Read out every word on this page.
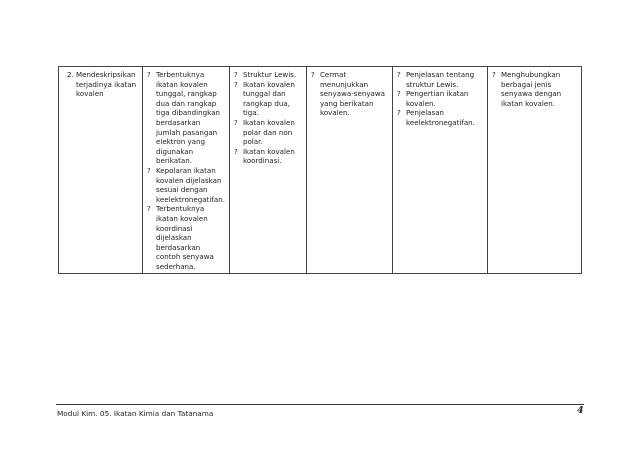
2. Mendeskripsikan terjadinya ikatan kovalen

? Terbentuknya ikatan kovalen tunggal, rangkap dua dan rangkap tiga dibandingkan berdasarkan jumlah pasangan elektron yang digunakan berikatan.
? Kepolaran ikatan kovalen dijelaskan sesuai dengan keelektronegatifan.
? Terbentuknya ikatan kovalen koordinasi dijelaskan berdasarkan contoh senyawa sederhana.

? Struktur Lewis.
? Ikatan kovalen tunggal dan rangkap dua, tiga.
? Ikatan kovalen polar dan non polar.
? Ikatan kovalen koordinasi.

? Cermat menunjukkan senyawa-senyawa yang berikatan kovalen.

? Penjelasan tentang struktur Lewis.
? Pengertian ikatan kovalen.
? Penjelasan keelektronegatifan.

? Menghubungkan berbagai jenis senyawa dengan ikatan kovalen.
Modul Kim. 05. Ikatan Kimia dan Tatanama	4
